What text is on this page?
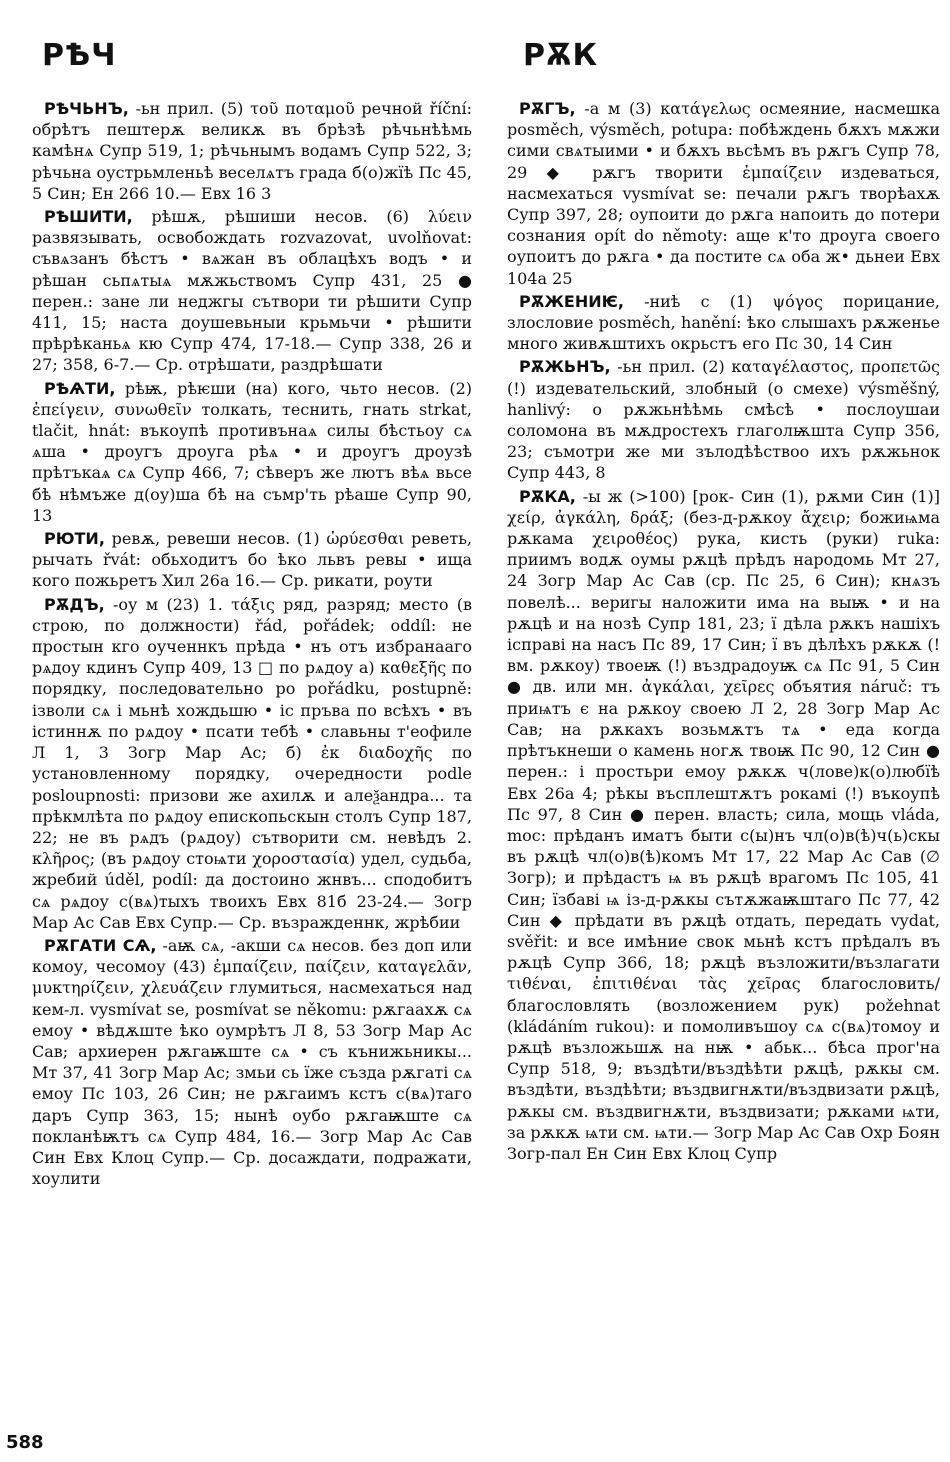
РѢЧ	РѪК

РѢЧЬНЪ, -ьн прил. (5) τοῦ ποταμοῦ речной říční: обрѣтъ пештерѫ великѫ въ брѣзѣ рѣчьнѣѣмь камѣнѧ Супр 519, 1; рѣчьнымъ водамъ Супр 522, 3; рѣчьна оустрьмленьѣ веселѧтъ града б(о)жїѣ Пс 45, 5 Син; Ен 266 10.— Евх 16 3

РѢШИТИ, рѣшѫ, рѣшиши несов. (6) λύειν развязывать, освобождать rozvazovat, uvolňovat: съвѧзанъ бѣстъ • вѧжан въ облацѣхъ водъ • и рѣшан сьпѧтыѧ мѫжьствомъ Супр 431, 25 ● перен.: зане ли неджгы сътвори ти рѣшити Супр 411, 15; наста доушевьныи крьмьчи • рѣшити прѣрѣканьѧ кю Супр 474, 17-18.— Супр 338, 26 и 27; 358, 6-7.— Ср. отрѣшати, раздрѣшати

РѢѦТИ, рѣѭ, рѣѥши (на) кого, чьто несов. (2) ἐπείγειν, συνωθεῖν толкать, теснить, гнать strkat, tlačit, hnát: въкоупѣ противънаѧ силы бѣстьоу сѧ ѧша • дроугъ дроуга рѣѧ • и дроугъ дроузѣ прѣтъкаѧ сѧ Супр 466, 7; сѣверъ же лютъ вѣѧ вьсе бѣ нѣмъже д(оу)ша бѣ на съмр'ть рѣаше Супр 90, 13

РЮТИ, ревѫ, ревеши несов. (1) ὠρύεσθαι реветь, рычать řvát: обьходитъ бо ѣко львъ ревы • ища кого пожьретъ Хил 26а 16.— Ср. рикати, роути

РѪДЪ, -оу м (23) 1. τάξις ряд, разряд; место (в строю, по должности) řád, pořádek; oddíl: не простын кго оученнкъ прѣда • нъ отъ избранааго рѧдоу кдинъ Супр 409, 13 □ по рѧдоу а) καθεξῆς по порядку, последовательно po pořádku, postupně: ізволи сѧ і мьнѣ хождьшю • іс пръва по всѣхъ • въ істиннѫ по рѧдоу • псати тебѣ • славьны т'еофиле Л 1, 3 Зогр Мар Ас; б) ἐκ διαδοχῆς по установленному порядку, очередности podle posloupnosti: призови же ахилѫ и алеѯандра... та прѣкмлѣта по рѧдоу епископьскын столъ Супр 187, 22; не въ рѧдъ (рѧдоу) сътворити см. невѣдъ 2. κλῆρος; (въ рѧдоу стоѩти χοροστασία) удел, судьба, жребий úděl, podíl: да достоинo жнвъ... сподобитъ сѧ рѧдоу с(вѧ)тыхъ твоихъ Евх 81б 23-24.— Зогр Мар Ас Сав Евх Супр.— Ср. възражденнк, жрѣбии

РѪГАТИ СѦ, -аѭ сѧ, -акши сѧ несов. без доп или комоу, чесомоу (43) ἐμπαίζειν, παίζειν, καταγελᾶν, μυκτηρίζειν, χλευάζειν глумиться, насмехаться над кем-л. vysmívat se, posmívat se někomu: рѫгаахѫ сѧ емоу • вѣдѫште ѣко оумрѣтъ Л 8, 53 Зогр Мар Ас Сав; архиерен рѫгаѭште сѧ • съ кънижьникы... Мт 37, 41 Зогр Мар Ас; змьи сь їже създа рѫгаті сѧ емоу Пс 103, 26 Син; не рѫгаимъ кстъ с(вѧ)таго даръ Супр 363, 15; нынѣ оубо рѫгаѭште сѧ покланѣѭтъ сѧ Супр 484, 16.— Зогр Мар Ас Сав Син Евх Клоц Супр.— Ср. досаждати, подражати, хоулити

РѪГЪ, -а м (3) κατάγελως осмеяние, насмешка posměch, výsměch, potupa: побѣждень бѫхъ мѫжи сими свѧтыими • и бѫхъ вьсѣмъ въ рѫгъ Супр 78, 29 ◆ рѫгъ творити ἐμπαίζειν издеваться, насмехаться vysmívat se: печали рѫгъ творѣахѫ Супр 397, 28; оупоити до рѫга напоить до потери сознания opít do němoty: аще к'то дроуга своего оупоитъ до рѫга • да постите сѧ оба ж• дьнеи Евх 104а 25

РѪЖЕНИѤ, -ниѣ с (1) ψόγος порицание, злословие posměch, hanění: ѣко слышахъ рѫженье много живѫштихъ окрьстъ его Пс 30, 14 Син

РѪЖЬНЪ, -ьн прил. (2) καταγέλαστος, προπετῶς (!) издевательский, злобный (о смехе) výsměšný, hanlivý: о рѫжьнѣѣмь смѣсѣ • послоушаи соломона въ мѫдростехъ глаголѭшта Супр 356, 23; съмотри же ми зълодѣѣствоо ихъ рѫжьнок Супр 443, 8

РѪКА, -ы ж (>100) [рок- Син (1), рѫми Син (1)] χείρ, ἀγκάλη, δράξ; (без-д-рѫкоу ἄχειρ; божиѩма рѫкама χειροθέος) рука, кисть (руки) ruka: приимъ водѫ оумы рѫцѣ прѣдъ народомь Мт 27, 24 Зогр Мар Ас Сав (ср. Пс 25, 6 Син); кнѧзъ повелѣ... веригы наложити има на выѭ • и на рѫцѣ и на нозѣ Супр 181, 23; ї дѣла рѫкъ нашіхъ ісправі на насъ Пс 89, 17 Син; ї въ дѣлѣхъ рѫкѫ (! вм. рѫкоу) твоеѭ (!) въздрадоуѭ сѧ Пс 91, 5 Син ● дв. или мн. ἀγκάλαι, χεῖρες объятия náruč: тъ приѩтъ є на рѫкоу своею Л 2, 28 Зогр Мар Ас Сав; на рѫкахъ возьмѫтъ тѧ • еда когда прѣтъкнеши о камень ногѫ твоѭ Пс 90, 12 Син ● перен.: і простьри емоу рѫкѫ ч(лове)к(о)любїѣ Евх 26а 4; рѣкы въсплештѫтъ рокамі (!) въкоупѣ Пс 97, 8 Син ● перен. власть; сила, мощь vláda, moc: прѣданъ иматъ быти с(ы)нъ чл(о)в(ѣ)ч(ь)скы въ рѫцѣ чл(о)в(ѣ)комъ Мт 17, 22 Мар Ас Сав (∅ Зогр); и прѣдастъ ѩ въ рѫцѣ врагомъ Пс 105, 41 Син; їзбаві ѩ із-д-рѫкы сътѫжаѭштаго Пс 77, 42 Син ◆ прѣдати въ рѫцѣ отдать, передать vydat, svěřit: и все имѣние свок мьнѣ кстъ прѣдалъ въ рѫцѣ Супр 366, 18; рѫцѣ възложити/възлагати τιθέναι, ἐπιτιθέναι τὰς χεῖρας благословить/благословлять (возложением рук) požehnat (kládáním rukou): и помоливъшоу сѧ с(вѧ)томоу и рѫцѣ възложьшѫ на нѭ • абьк... бѣса прог'на Супр 518, 9; въздѣти/въздѣѣти рѫцѣ, рѫкы см. въздѣти, въздѣѣти; въздвигнѫти/въздвизати рѫцѣ, рѫкы см. въздвигнѫти, въздвизати; рѫками ѩти, за рѫкѫ ѩти см. ѩти.— Зогр Мар Ас Сав Охр Боян Зогр-пал Ен Син Евх Клоц Супр

588
